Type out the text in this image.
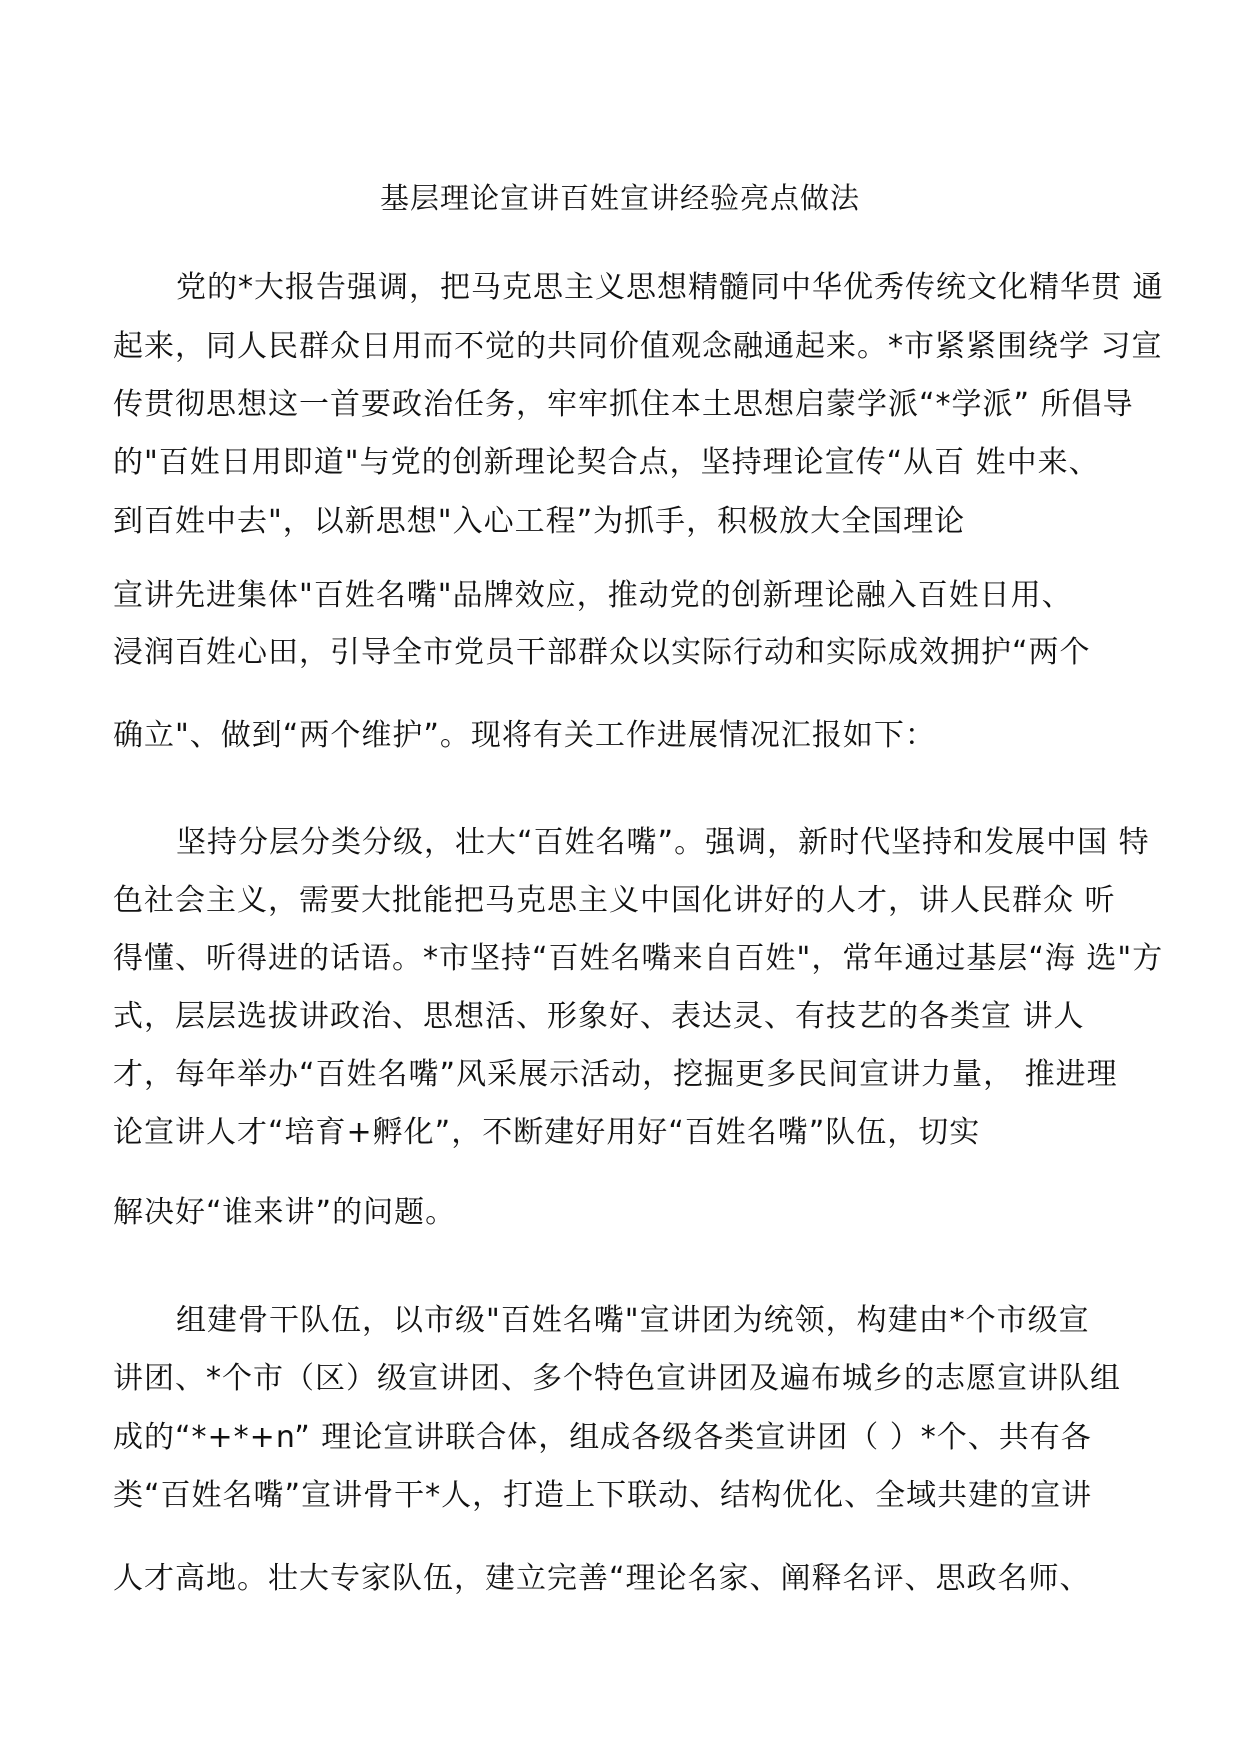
基层理论宣讲百姓宣讲经验亮点做法
党的*大报告强调，把马克思主义思想精髓同中华优秀传统文化精华贯 通
起来，同人民群众日用而不觉的共同价值观念融通起来。*市紧紧围绕学 习宣
传贯彻思想这一首要政治任务，牢牢抓住本土思想启蒙学派“*学派” 所倡导
的"百姓日用即道"与党的创新理论契合点，坚持理论宣传“从百 姓中来、
到百姓中去"，以新思想"入心工程”为抓手，积极放大全国理论
宣讲先进集体"百姓名嘴"品牌效应，推动党的创新理论融入百姓日用、
浸润百姓心田，引导全市党员干部群众以实际行动和实际成效拥护“两个
确立"、做到“两个维护”。现将有关工作进展情况汇报如下：
坚持分层分类分级，壮大“百姓名嘴”。强调，新时代坚持和发展中国 特
色社会主义，需要大批能把马克思主义中国化讲好的人才，讲人民群众 听
得懂、听得进的话语。*市坚持“百姓名嘴来自百姓"，常年通过基层“海 选"方
式，层层选拔讲政治、思想活、形象好、表达灵、有技艺的各类宣 讲人
才，每年举办“百姓名嘴”风采展示活动，挖掘更多民间宣讲力量， 推进理
论宣讲人才“培育+孵化”，不断建好用好“百姓名嘴”队伍，切实
解决好“谁来讲”的问题。
组建骨干队伍，以市级"百姓名嘴"宣讲团为统领，构建由*个市级宣
讲团、*个市（区）级宣讲团、多个特色宣讲团及遍布城乡的志愿宣讲队组
成的“*+*+n” 理论宣讲联合体，组成各级各类宣讲团（ ）*个、共有各
类“百姓名嘴”宣讲骨干*人，打造上下联动、结构优化、全域共建的宣讲
人才高地。壮大专家队伍，建立完善“理论名家、阐释名评、思政名师、
